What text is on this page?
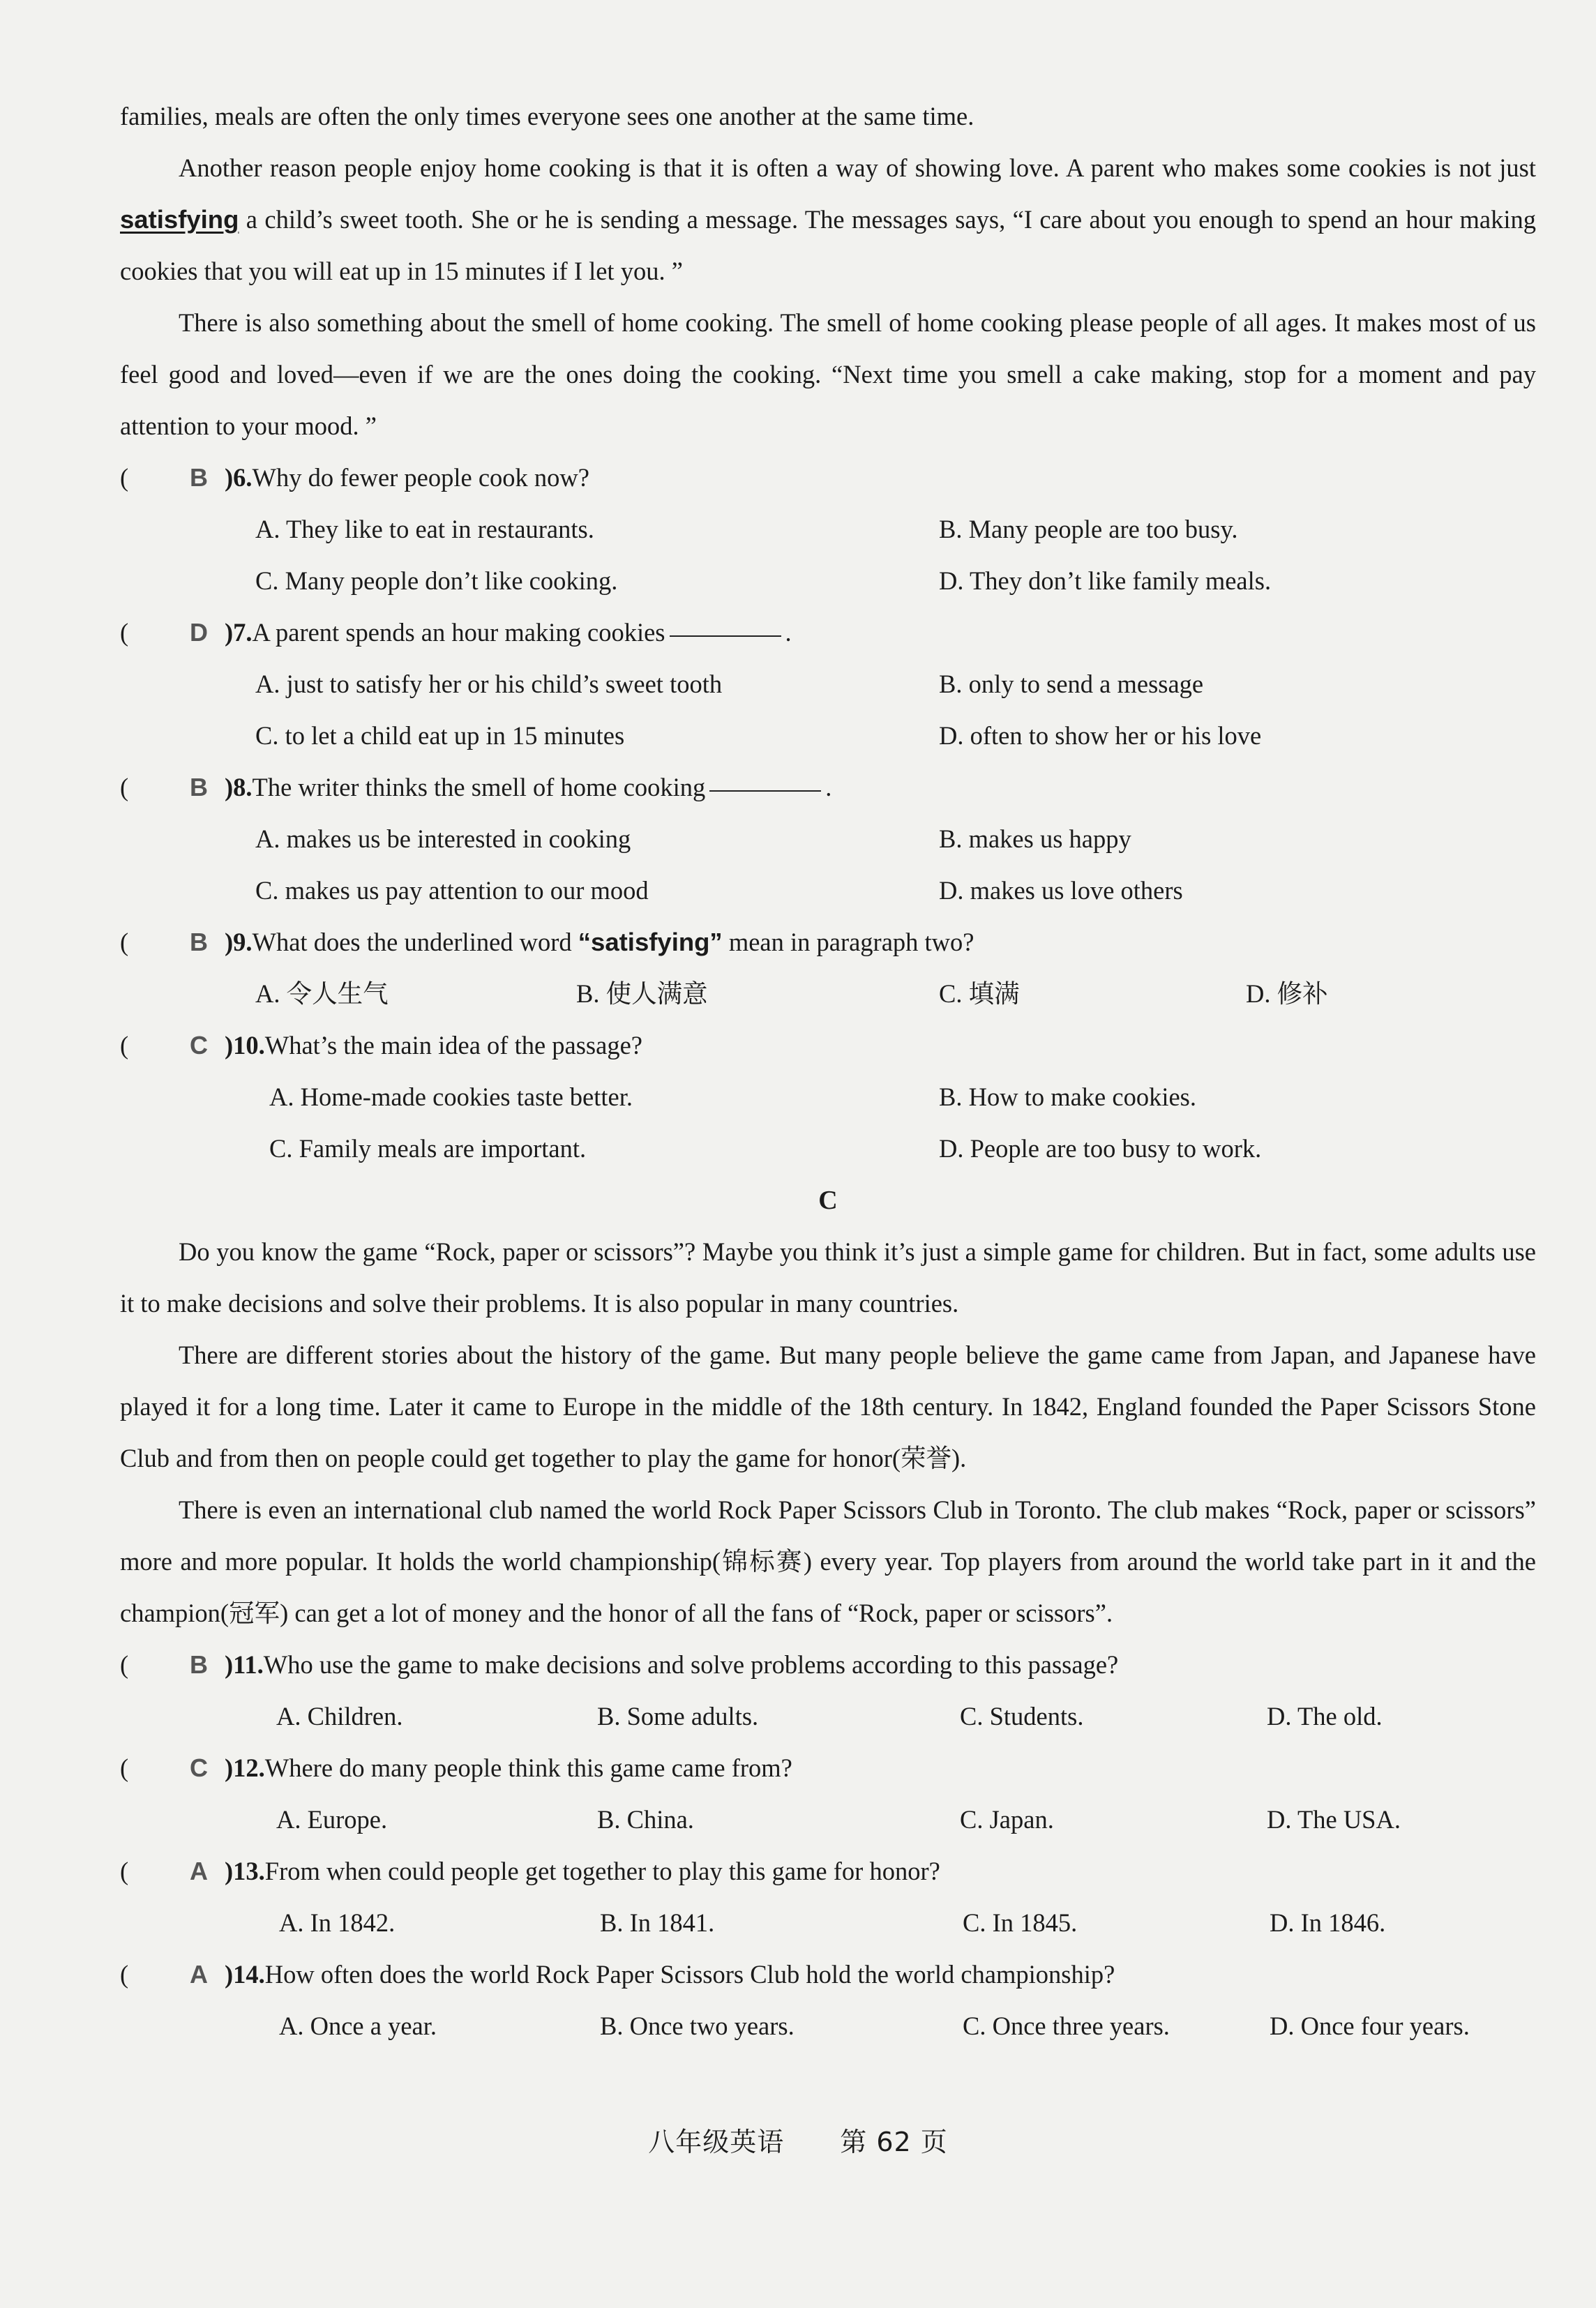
families, meals are often the only times everyone sees one another at the same time.

Another reason people enjoy home cooking is that it is often a way of showing love. A parent who makes some cookies is not just satisfying a child’s sweet tooth. She or he is sending a message. The messages says, “I care about you enough to spend an hour making cookies that you will eat up in 15 minutes if I let you. ”

There is also something about the smell of home cooking. The smell of home cooking please people of all ages. It makes most of us feel good and loved—even if we are the ones doing the cooking. “Next time you smell a cake making, stop for a moment and pay attention to your mood. ”

(	B )6. Why do fewer people cook now?
A. They like to eat in restaurants.	B. Many people are too busy.
C. Many people don’t like cooking.	D. They don’t like family meals.
(	D )7. A parent spends an hour making cookies	.
A. just to satisfy her or his child’s sweet tooth	B. only to send a message
C. to let a child eat up in 15 minutes	D. often to show her or his love
(	B )8. The writer thinks the smell of home cooking	.
A. makes us be interested in cooking	B. makes us happy
C. makes us pay attention to our mood	D. makes us love others
(	B )9. What does the underlined word “satisfying” mean in paragraph two?
A. 令人生气	B. 使人满意	C. 填满	D. 修补
(	C )10. What’s the main idea of the passage?
A. Home-made cookies taste better.	B. How to make cookies.
C. Family meals are important.	D. People are too busy to work.
C

Do you know the game “Rock, paper or scissors”? Maybe you think it’s just a simple game for children. But in fact, some adults use it to make decisions and solve their problems. It is also popular in many countries.

There are different stories about the history of the game. But many people believe the game came from Japan, and Japanese have played it for a long time. Later it came to Europe in the middle of the 18th century. In 1842, England founded the Paper Scissors Stone Club and from then on people could get together to play the game for honor(荣誉).

There is even an international club named the world Rock Paper Scissors Club in Toronto. The club makes “Rock, paper or scissors” more and more popular. It holds the world championship(锦标赛) every year. Top players from around the world take part in it and the champion(冠军) can get a lot of money and the honor of all the fans of “Rock, paper or scissors”.

(	B )11. Who use the game to make decisions and solve problems according to this passage?
A. Children.	B. Some adults.	C. Students.	D. The old.
(	C )12. Where do many people think this game came from?
A. Europe.	B. China.	C. Japan.	D. The USA.
(	A )13. From when could people get together to play this game for honor?
A. In 1842.	B. In 1841.	C. In 1845.	D. In 1846.
(	A )14. How often does the world Rock Paper Scissors Club hold the world championship?
A. Once a year.	B. Once two years.	C. Once three years.	D. Once four years.
八年级英语 第 62 页
